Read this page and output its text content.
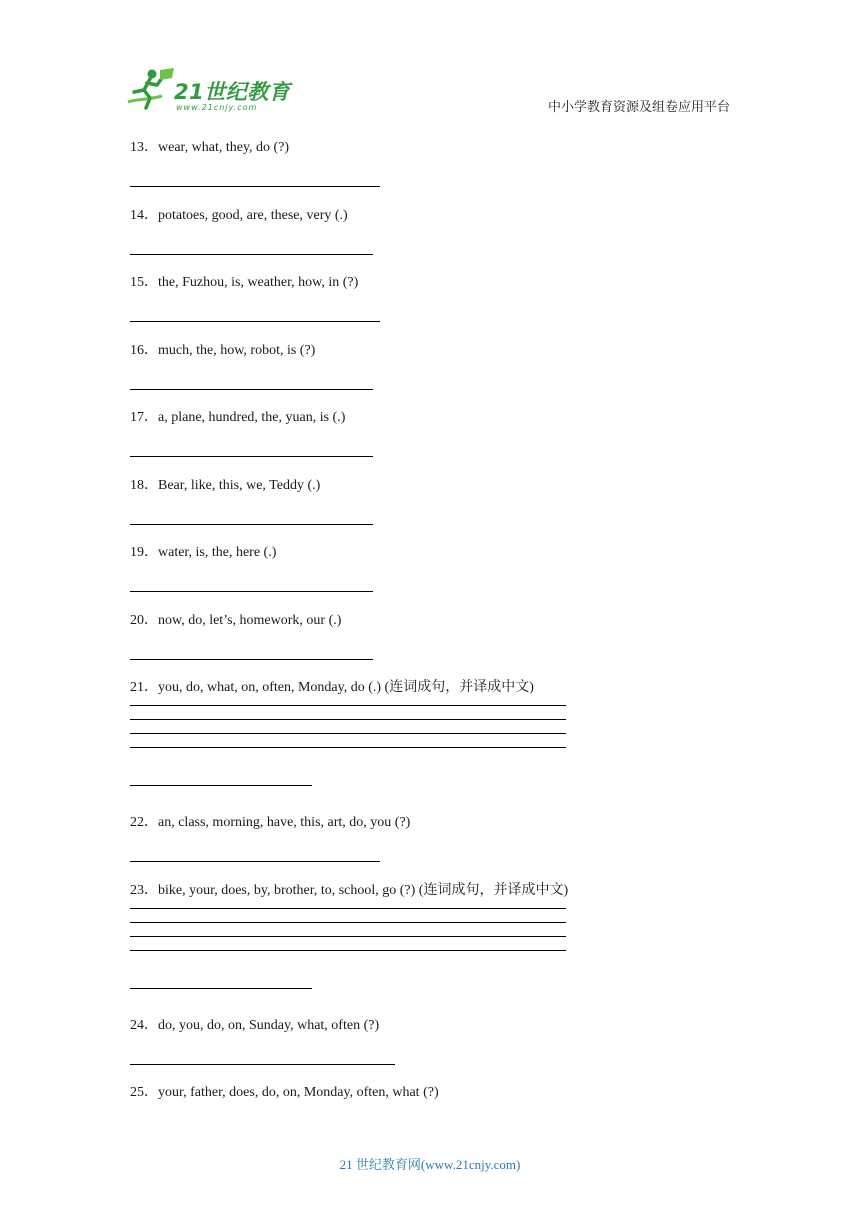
21世纪教育
www.21cnjy.com	中小学教育资源及组卷应用平台
13．wear, what, they, do (?)
14．potatoes, good, are, these, very (.)
15．the, Fuzhou, is, weather, how, in (?)
16．much, the, how, robot, is (?)
17．a, plane, hundred, the, yuan, is (.)
18．Bear, like, this, we, Teddy (.)
19．water, is, the, here (.)
20．now, do, let’s, homework, our (.)
21．you, do, what, on, often, Monday, do (.) (连词成句，并译成中文)
22．an, class, morning, have, this, art, do, you (?)
23．bike, your, does, by, brother, to, school, go (?) (连词成句，并译成中文)
24．do, you, do, on, Sunday, what, often (?)
25．your, father, does, do, on, Monday, often, what (?)
21 世纪教育网(www.21cnjy.com)
